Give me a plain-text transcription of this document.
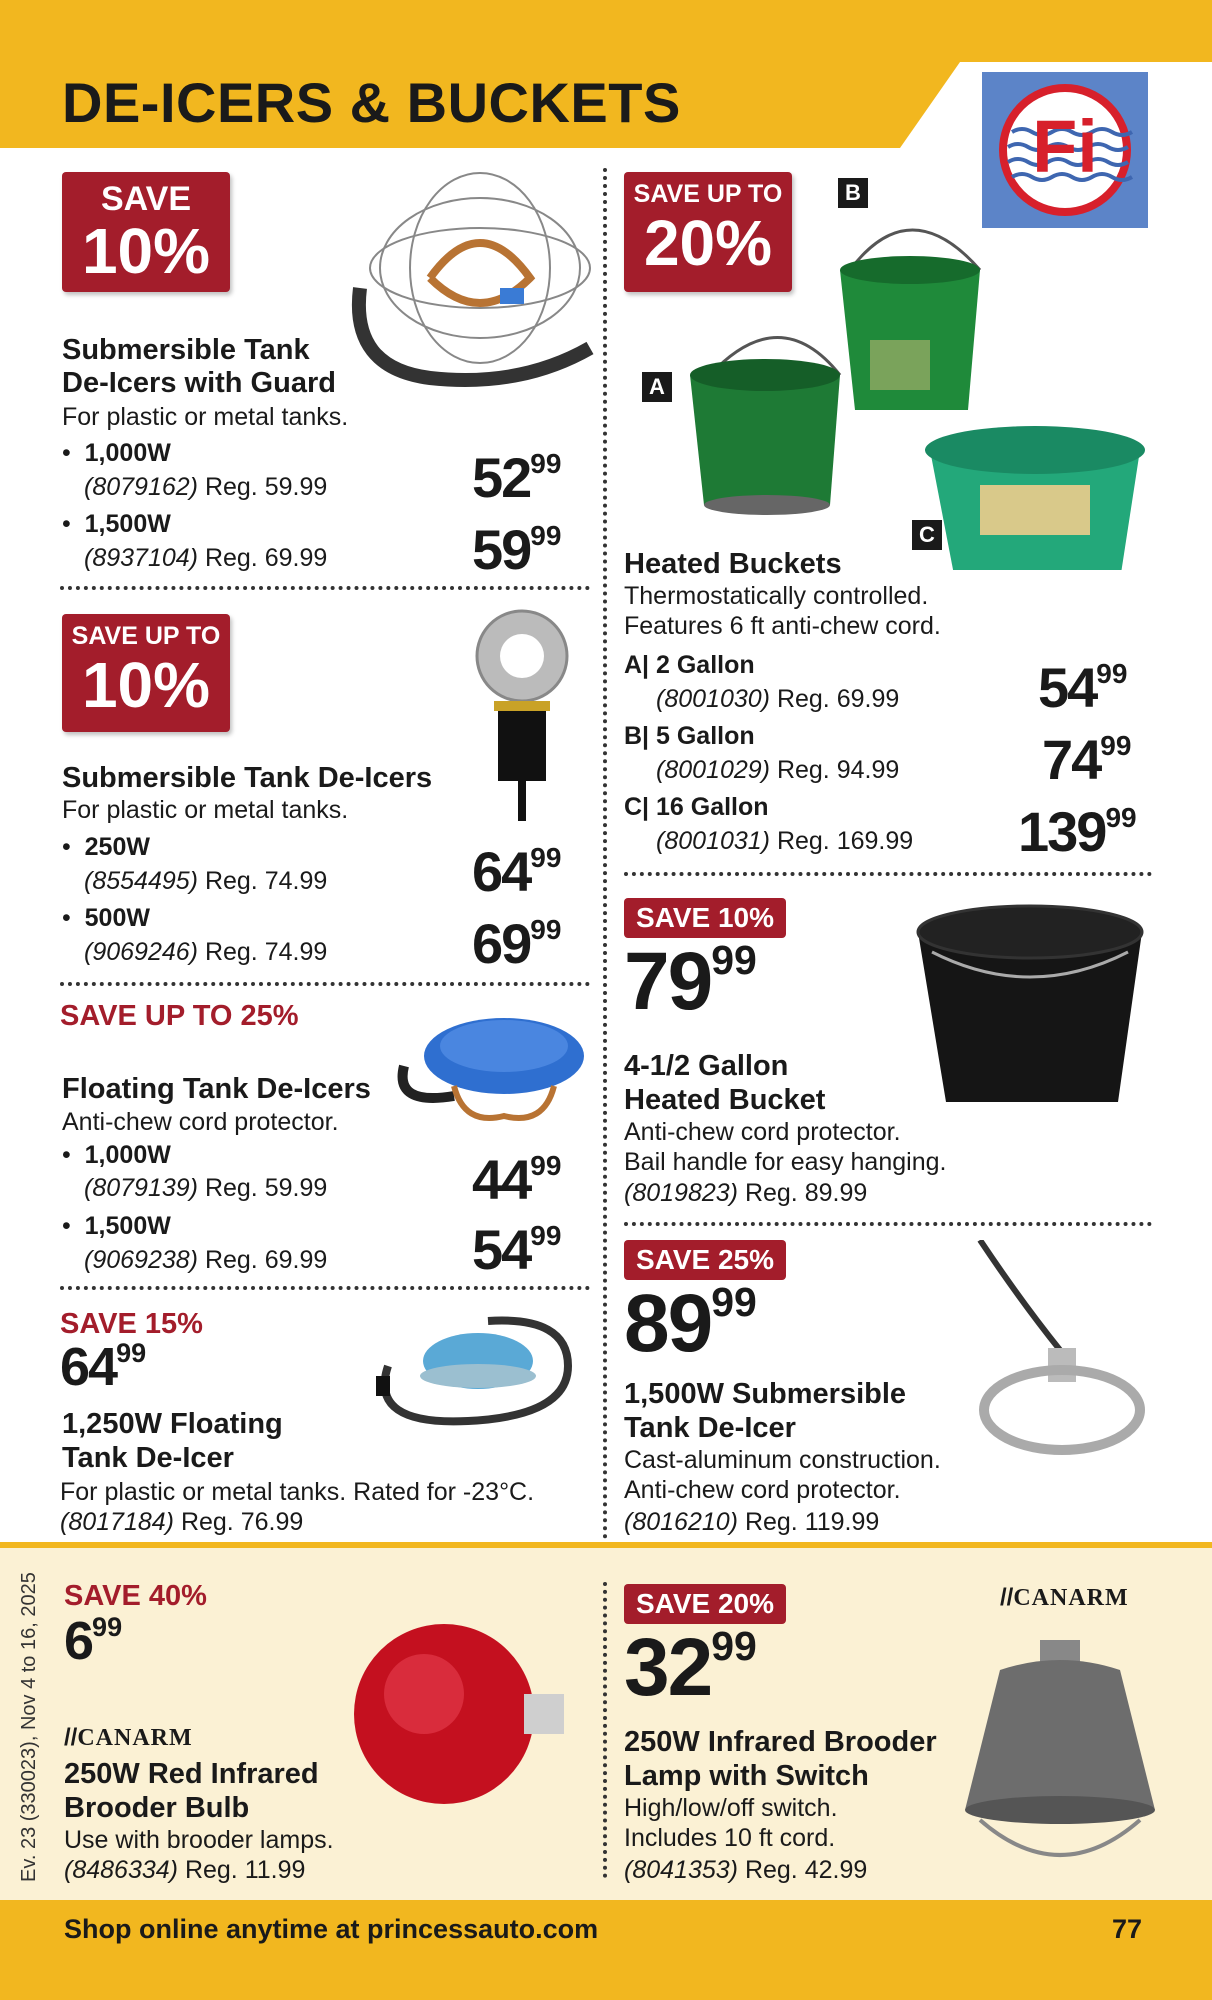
DE-ICERS & BUCKETS
Fi
SAVE
10%
Submersible Tank
De-Icers with Guard
For plastic or metal tanks.
•  1,000W
(8079162) Reg. 59.99	$52^{99}$
•  1,500W
(8937104) Reg. 69.99	$59^{99}$
SAVE UP TO
10%
Submersible Tank De-Icers
For plastic or metal tanks.
•  250W
(8554495) Reg. 74.99	$64^{99}$
•  500W
(9069246) Reg. 74.99	$69^{99}$
SAVE UP TO 25%
Floating Tank De-Icers
Anti-chew cord protector.
•  1,000W
(8079139) Reg. 59.99	$44^{99}$
•  1,500W
(9069238) Reg. 69.99	$54^{99}$
SAVE 15%
$64^{99}$
1,250W Floating
Tank De-Icer
For plastic or metal tanks. Rated for -23°C.
(8017184) Reg. 76.99
SAVE UP TO
20%
B
A
C
Heated Buckets
Thermostatically controlled.
Features 6 ft anti-chew cord.
A| 2 Gallon
(8001030) Reg. 69.99 $54^{99}$
B| 5 Gallon
(8001029) Reg. 94.99	$74^{99}$
C| 16 Gallon
(8001031) Reg. 169.99 $139^{99}$
SAVE 10%
$79^{99}$
4-1/2 Gallon
Heated Bucket
Anti-chew cord protector.
Bail handle for easy hanging.
(8019823) Reg. 89.99
SAVE 25%
$89^{99}$
1,500W Submersible
Tank De-Icer
Cast-aluminum construction.
Anti-chew cord protector.
(8016210) Reg. 119.99
Ev. 23 (330023), Nov 4 to 16, 2025 SAVE 40%
$6^{99}$
//CANARM
250W Red Infrared
Brooder Bulb
Use with brooder lamps.
(8486334) Reg. 11.99
SAVE 20%
$32^{99}$
//CANARM
250W Infrared Brooder
Lamp with Switch
High/low/off switch.
Includes 10 ft cord.
(8041353) Reg. 42.99
Shop online anytime at princessauto.com	77
